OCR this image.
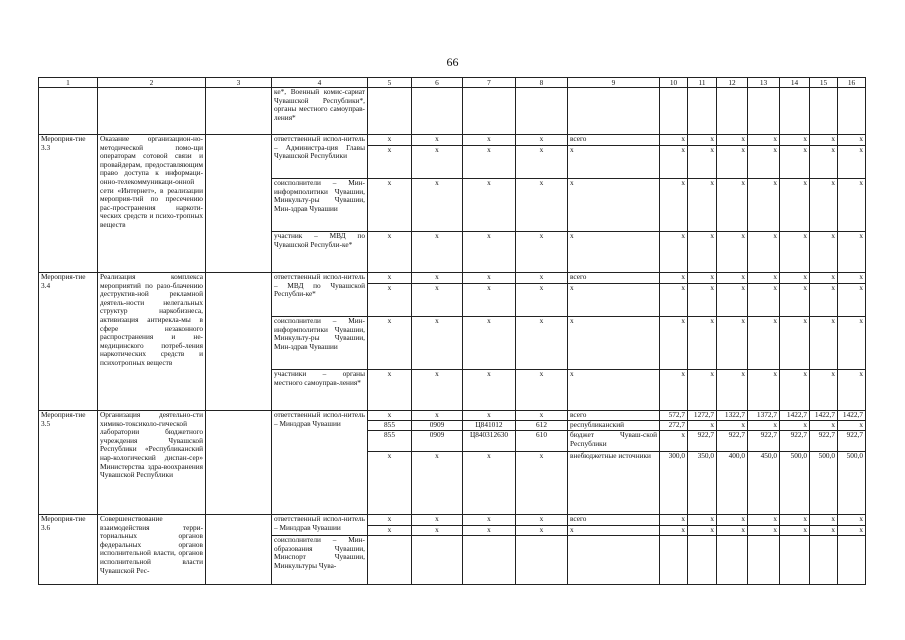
66
1	2	3	4	5	6	7	8	9	10	11	12	13	14	15	16
			ке*, Военный комис-сариат Чувашской Республики*, органы местного самоуправ-ления*												
Мероприя-тие 3.3	Оказание организацион-но-методической помо-щи операторам сотовой связи и провайдерам, предоставляющим право доступа к информаци-онно-телекоммуникаци-онной сети «Интернет», в реализации мероприя-тий по пресечению рас-пространения наркоти-ческих средств и психо-тропных веществ		ответственный испол-нитель – Администра-ция Главы Чувашской Республики	x	x	x	x	всего	x	x	x	x	x	x	x
				x	x	x	x	x	x	x	x	x	x	x	x
			соисполнители – Мин-информполитики Чувашии, Минкульту-ры Чувашии, Мин-здрав Чувашии	x	x	x	x	x	x	x	x	x	x	x	x
			участник – МВД по Чувашской Республи-ке*	x	x	x	x	x	x	x	x	x	x	x	x
Мероприя-тие 3.4	Реализация комплекса мероприятий по разо-блачению деструктив-ной рекламной деятель-ности нелегальных структур наркобизнеса, активизация антирекла-мы в сфере незаконного распространения и не-медицинского потреб-ления наркотических средств и психотропных веществ		ответственный испол-нитель – МВД по Чувашской Республи-ке*	x	x	x	x	всего	x	x	x	x	x	x	x
				x	x	x	x	x	x	x	x	x	x	x	x
			соисполнители – Мин-информполитики Чувашии, Минкульту-ры Чувашии, Мин-здрав Чувашии	x	x	x	x	x	x	x	x	x	x	x	x
			участники – органы местного самоуправ-ления*	x	x	x	x	x	x	x	x	x	x	x	x
Мероприя-тие 3.5	Организация деятельно-сти химико-токсиколо-гической лаборатории бюджетного учреждения Чувашской Республики «Республиканский нар-кологический диспан-сер» Министерства здра-воохранения Чувашской Республики		ответственный испол-нитель – Минздрав Чувашии	x	x	x	x	всего	572,7	1272,7	1322,7	1372,7	1422,7	1422,7	1422,7
				855	0909	Ц841012	612	республиканский	272,7	x	x	x	x	x	x
				855	0909	Ц840312630	610	бюджет Чуваш-ской Республики	x	922,7	922,7	922,7	922,7	922,7	922,7
				x	x	x	x	внебюджетные источники	300,0	350,0	400,0	450,0	500,0	500,0	500,0
Мероприя-тие 3.6	Совершенствование взаимодействия терри-ториальных органов федеральных органов исполнительной власти, органов исполнительной власти Чувашской Рес-		ответственный испол-нитель – Минздрав Чувашии	x	x	x	x	всего	x	x	x	x	x	x	x
				x	x	x	x	x	x	x	x	x	x	x	x
			соисполнители – Мин-образования Чувашии, Минспорт Чувашии, Минкультуры Чува-												
